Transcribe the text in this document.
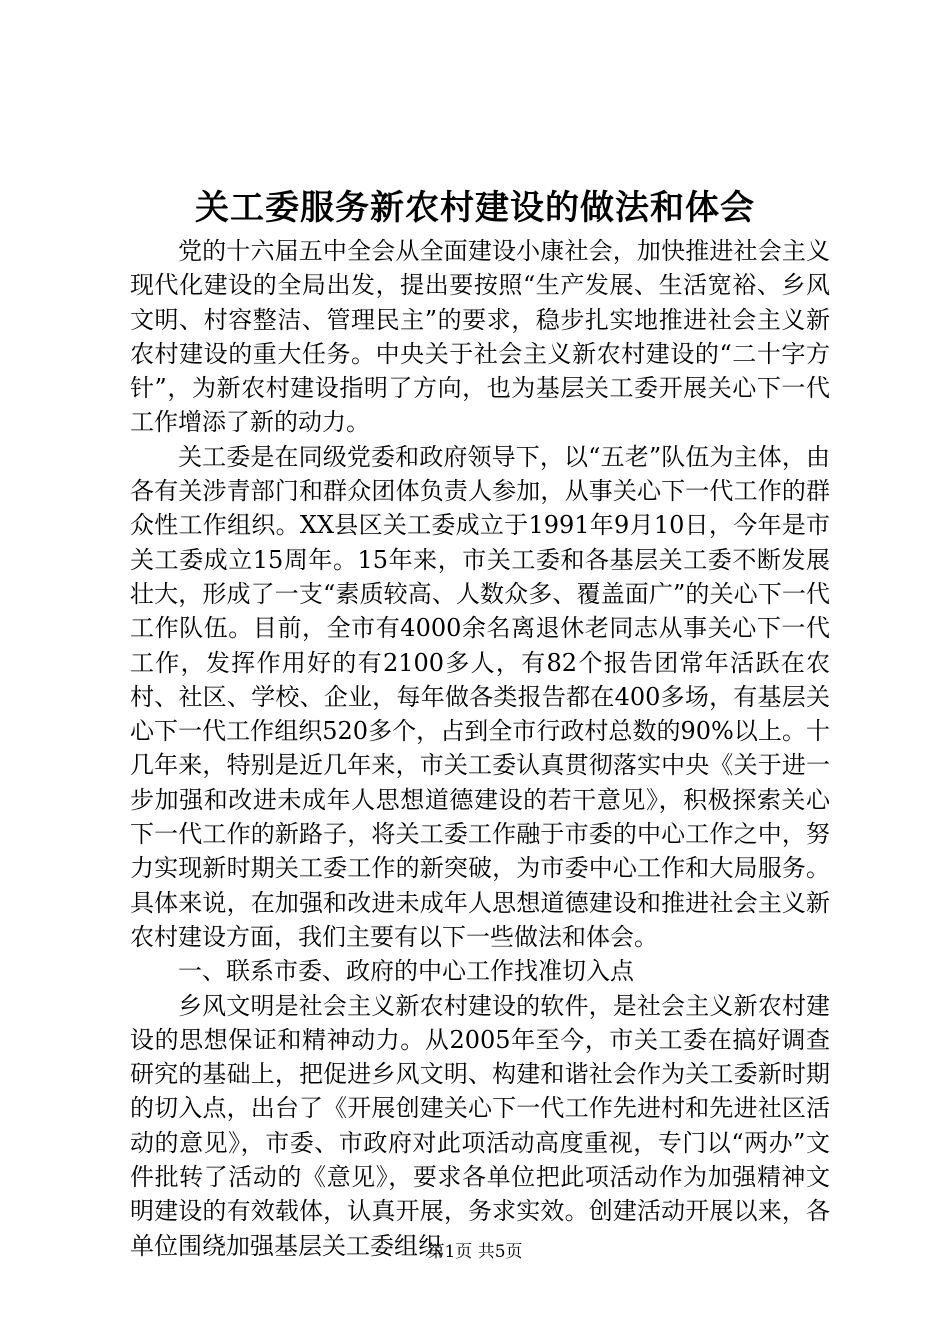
关工委服务新农村建设的做法和体会

党的十六届五中全会从全面建设小康社会，加快推进社会主义现代化建设的全局出发，提出要按照“生产发展、生活宽裕、乡风文明、村容整洁、管理民主”的要求，稳步扎实地推进社会主义新农村建设的重大任务。中央关于社会主义新农村建设的“二十字方针”，为新农村建设指明了方向，也为基层关工委开展关心下一代工作增添了新的动力。

关工委是在同级党委和政府领导下，以“五老”队伍为主体，由各有关涉青部门和群众团体负责人参加，从事关心下一代工作的群众性工作组织。XX县区关工委成立于1991年9月10日，今年是市关工委成立15周年。15年来，市关工委和各基层关工委不断发展壮大，形成了一支“素质较高、人数众多、覆盖面广”的关心下一代工作队伍。目前，全市有4000余名离退休老同志从事关心下一代工作，发挥作用好的有2100多人，有82个报告团常年活跃在农村、社区、学校、企业，每年做各类报告都在400多场，有基层关心下一代工作组织520多个，占到全市行政村总数的90%以上。十几年来，特别是近几年来，市关工委认真贯彻落实中央《关于进一步加强和改进未成年人思想道德建设的若干意见》，积极探索关心下一代工作的新路子，将关工委工作融于市委的中心工作之中，努力实现新时期关工委工作的新突破，为市委中心工作和大局服务。具体来说，在加强和改进未成年人思想道德建设和推进社会主义新农村建设方面，我们主要有以下一些做法和体会。

一、联系市委、政府的中心工作找准切入点

乡风文明是社会主义新农村建设的软件，是社会主义新农村建设的思想保证和精神动力。从2005年至今，市关工委在搞好调查研究的基础上，把促进乡风文明、构建和谐社会作为关工委新时期的切入点，出台了《开展创建关心下一代工作先进村和先进社区活动的意见》，市委、市政府对此项活动高度重视，专门以“两办”文件批转了活动的《意见》，要求各单位把此项活动作为加强精神文明建设的有效载体，认真开展，务求实效。创建活动开展以来，各单位围绕加强基层关工委组织

第1页 共5页
